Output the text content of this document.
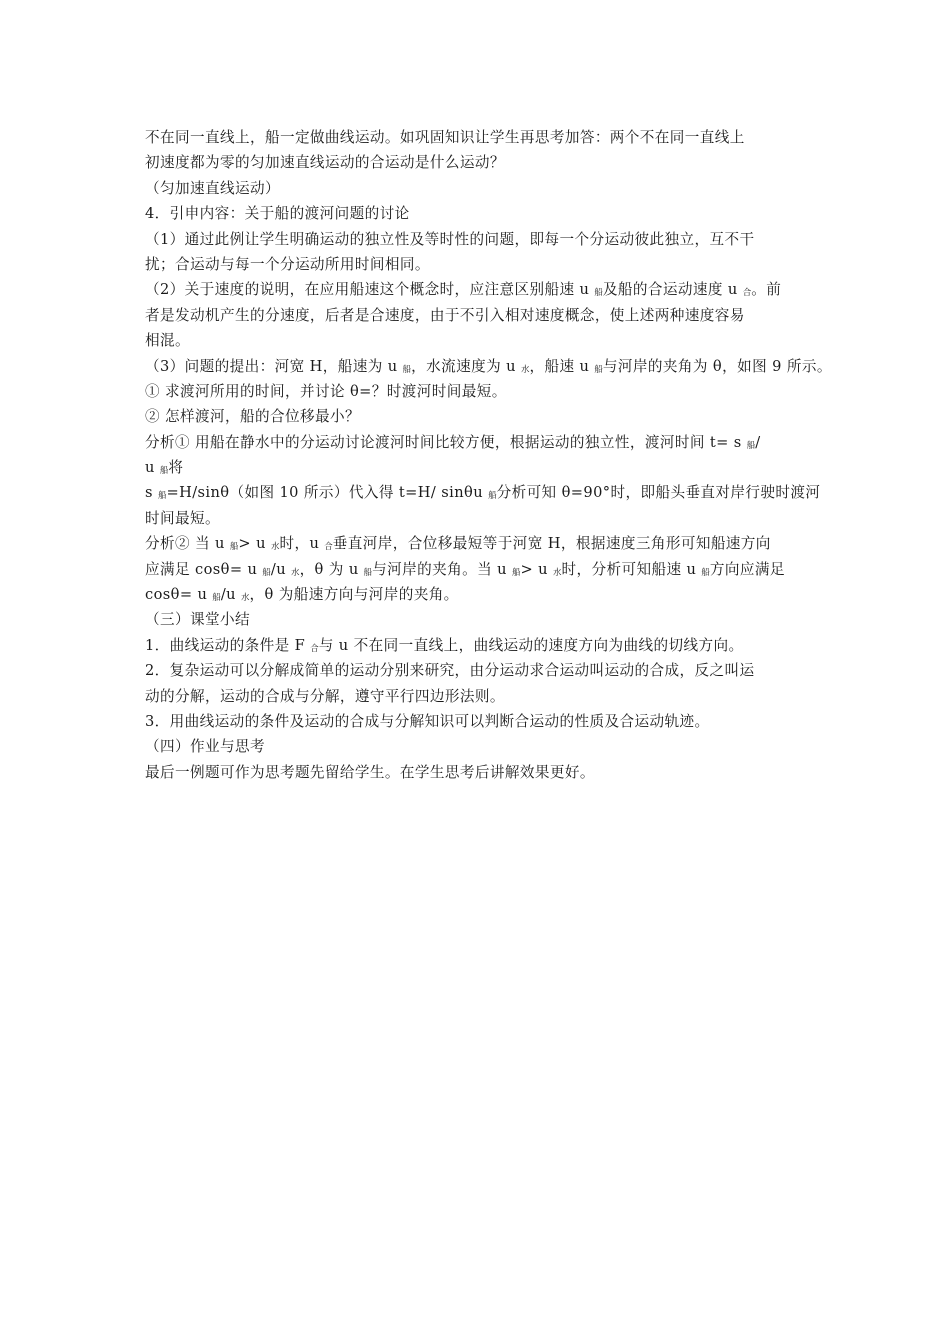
不在同一直线上，船一定做曲线运动。如巩固知识让学生再思考加答：两个不在同一直线上
初速度都为零的匀加速直线运动的合运动是什么运动？
（匀加速直线运动）
4．引申内容：关于船的渡河问题的讨论
（1）通过此例让学生明确运动的独立性及等时性的问题，即每一个分运动彼此独立，互不干
扰；合运动与每一个分运动所用时间相同。
（2）关于速度的说明，在应用船速这个概念时，应注意区别船速 u 船及船的合运动速度 u 合。前
者是发动机产生的分速度，后者是合速度，由于不引入相对速度概念，使上述两种速度容易
相混。
（3）问题的提出：河宽 H，船速为 u 船，水流速度为 u 水，船速 u 船与河岸的夹角为 θ，如图 9 所示。
① 求渡河所用的时间，并讨论 θ=？时渡河时间最短。
② 怎样渡河，船的合位移最小？
分析① 用船在静水中的分运动讨论渡河时间比较方便，根据运动的独立性，渡河时间 t= s 船/
u 船将
s 船=H/sinθ（如图 10 所示）代入得 t=H/ sinθu 船分析可知 θ=90°时，即船头垂直对岸行驶时渡河
时间最短。
分析② 当 u 船> u 水时，u 合垂直河岸，合位移最短等于河宽 H，根据速度三角形可知船速方向
应满足 cosθ= u 船/u 水，θ 为 u 船与河岸的夹角。当 u 船> u 水时，分析可知船速 u 船方向应满足
cosθ= u 船/u 水，θ 为船速方向与河岸的夹角。
（三）课堂小结
1．曲线运动的条件是 F 合与 u 不在同一直线上，曲线运动的速度方向为曲线的切线方向。
2．复杂运动可以分解成简单的运动分别来研究，由分运动求合运动叫运动的合成，反之叫运
动的分解，运动的合成与分解，遵守平行四边形法则。
3．用曲线运动的条件及运动的合成与分解知识可以判断合运动的性质及合运动轨迹。
（四）作业与思考
最后一例题可作为思考题先留给学生。在学生思考后讲解效果更好。
